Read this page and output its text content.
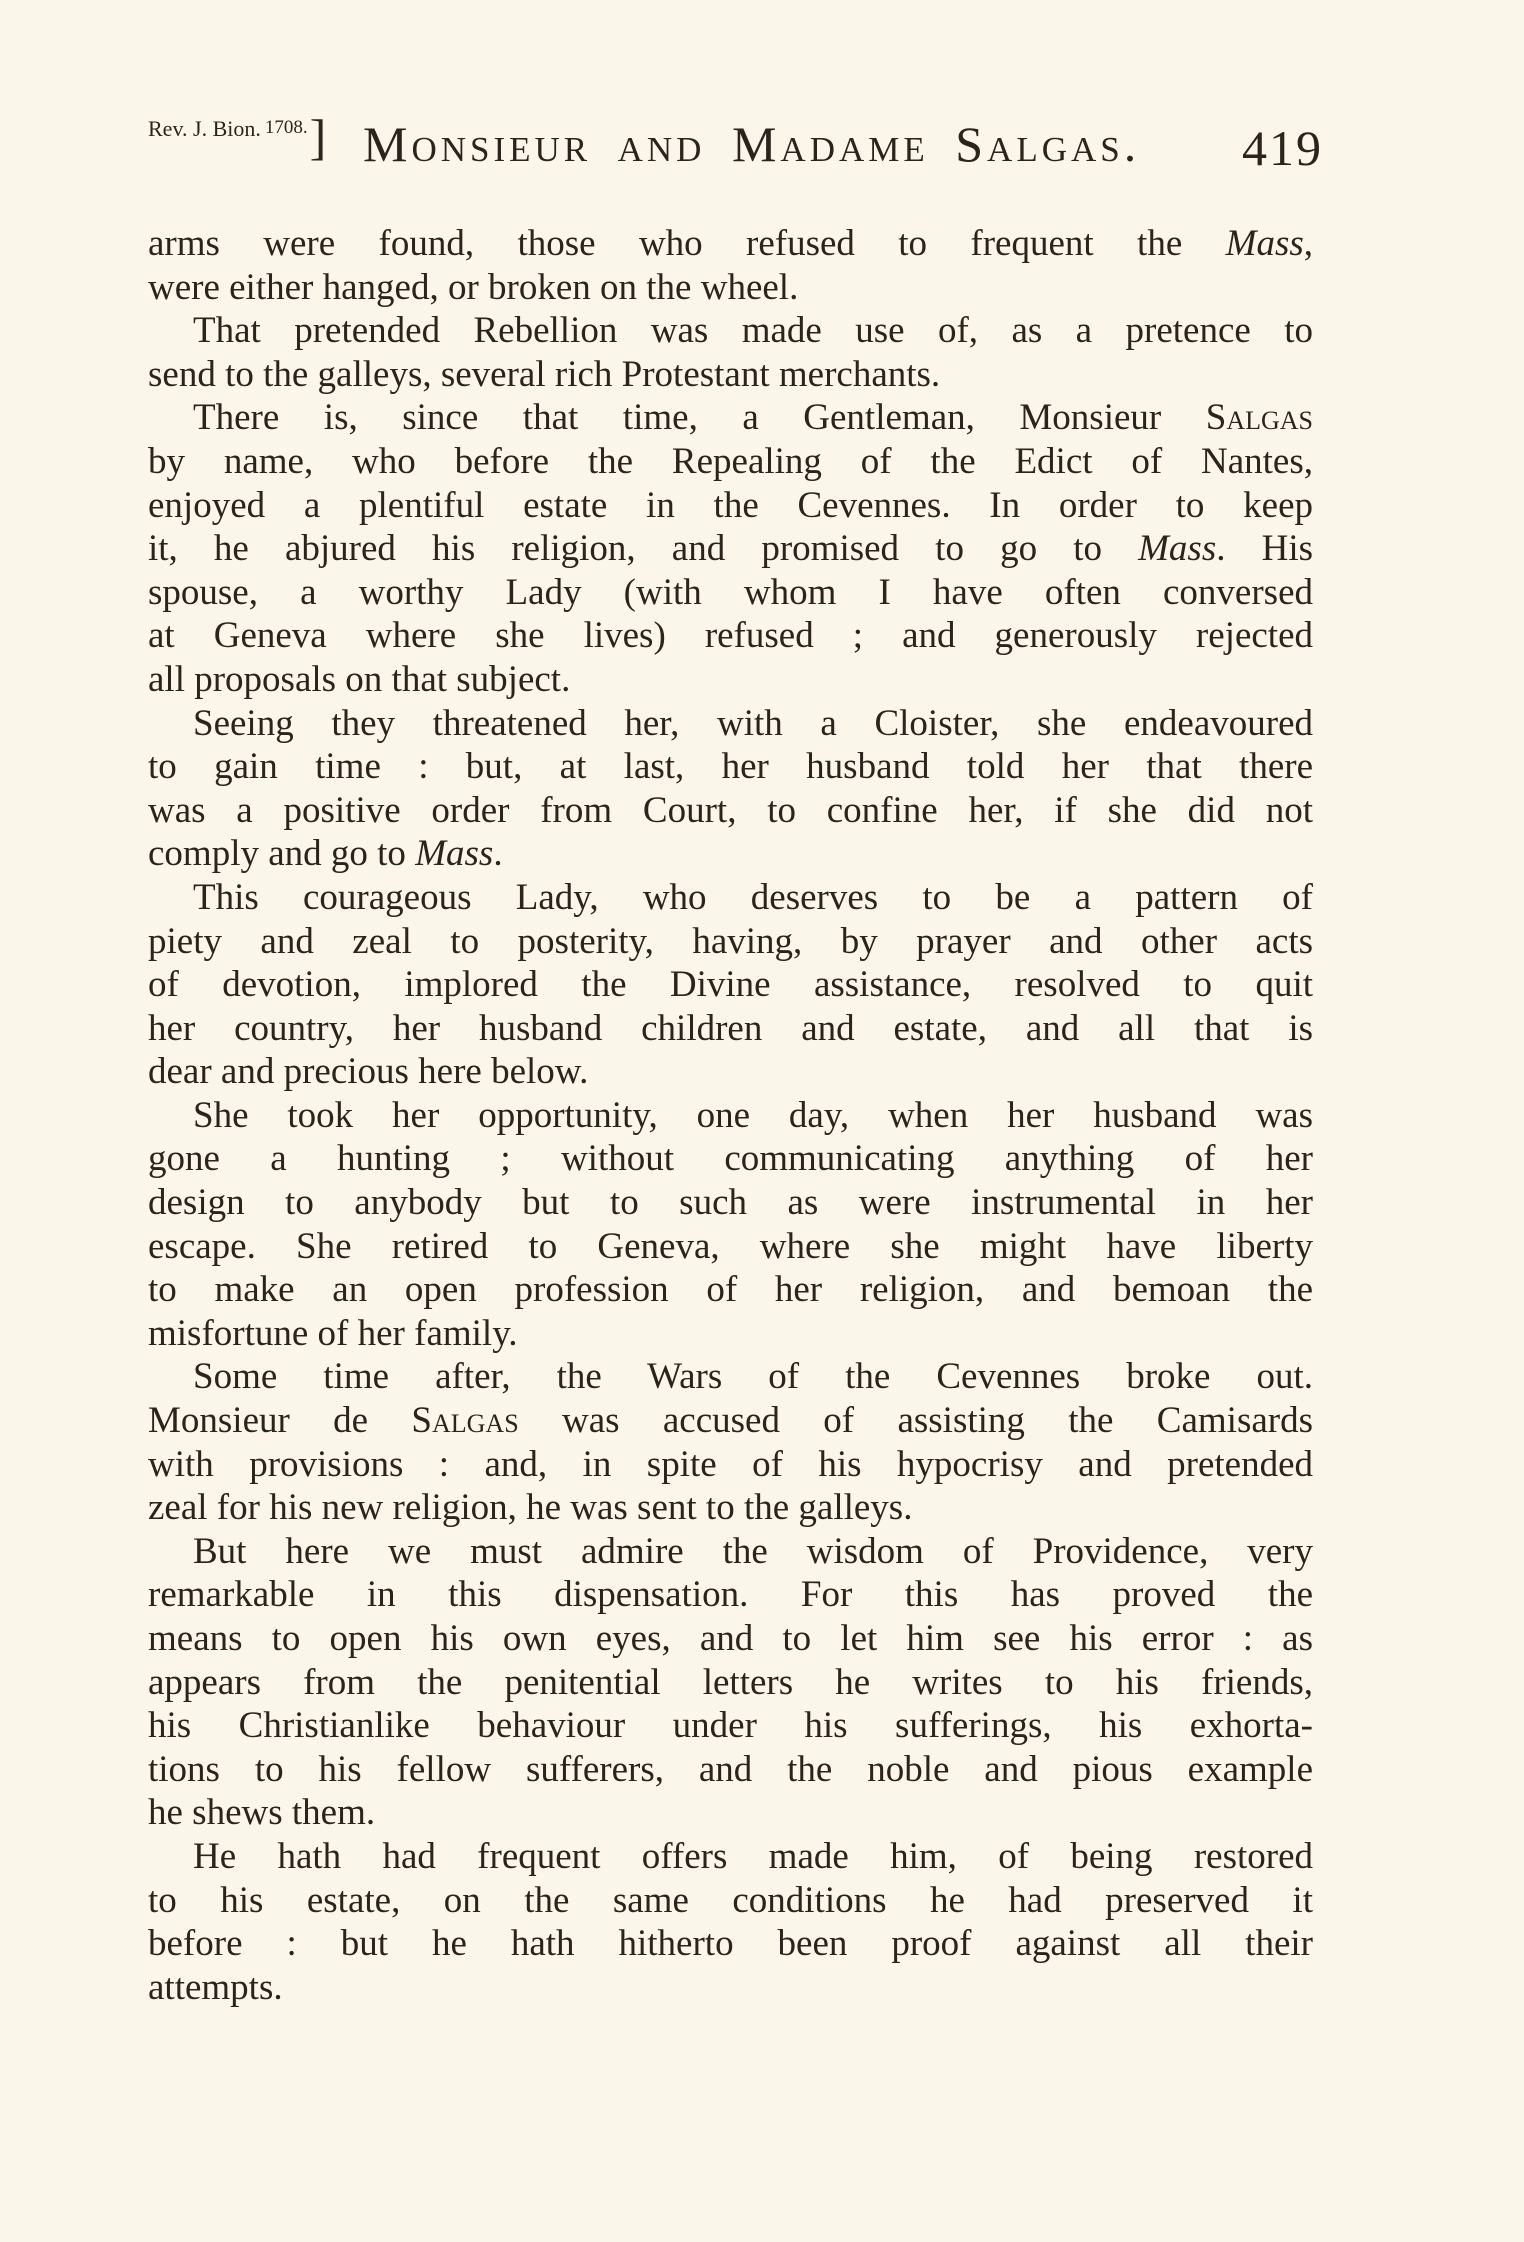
Rev. J. Bion. 1708.] Monsieur and Madame Salgas. 419
arms were found, those who refused to frequent the Mass,
were either hanged, or broken on the wheel.
That pretended Rebellion was made use of, as a pretence to
send to the galleys, several rich Protestant merchants.
There is, since that time, a Gentleman, Monsieur Salgas
by name, who before the Repealing of the Edict of Nantes,
enjoyed a plentiful estate in the Cevennes. In order to keep
it, he abjured his religion, and promised to go to Mass. His
spouse, a worthy Lady (with whom I have often conversed
at Geneva where she lives) refused ; and generously rejected
all proposals on that subject.
Seeing they threatened her, with a Cloister, she endeavoured
to gain time : but, at last, her husband told her that there
was a positive order from Court, to confine her, if she did not
comply and go to Mass.
This courageous Lady, who deserves to be a pattern of
piety and zeal to posterity, having, by prayer and other acts
of devotion, implored the Divine assistance, resolved to quit
her country, her husband children and estate, and all that is
dear and precious here below.
She took her opportunity, one day, when her husband was
gone a hunting ; without communicating anything of her
design to anybody but to such as were instrumental in her
escape. She retired to Geneva, where she might have liberty
to make an open profession of her religion, and bemoan the
misfortune of her family.
Some time after, the Wars of the Cevennes broke out.
Monsieur de Salgas was accused of assisting the Camisards
with provisions : and, in spite of his hypocrisy and pretended
zeal for his new religion, he was sent to the galleys.
But here we must admire the wisdom of Providence, very
remarkable in this dispensation. For this has proved the
means to open his own eyes, and to let him see his error : as
appears from the penitential letters he writes to his friends,
his Christianlike behaviour under his sufferings, his exhorta-
tions to his fellow sufferers, and the noble and pious example
he shews them.
He hath had frequent offers made him, of being restored
to his estate, on the same conditions he had preserved it
before : but he hath hitherto been proof against all their
attempts.
